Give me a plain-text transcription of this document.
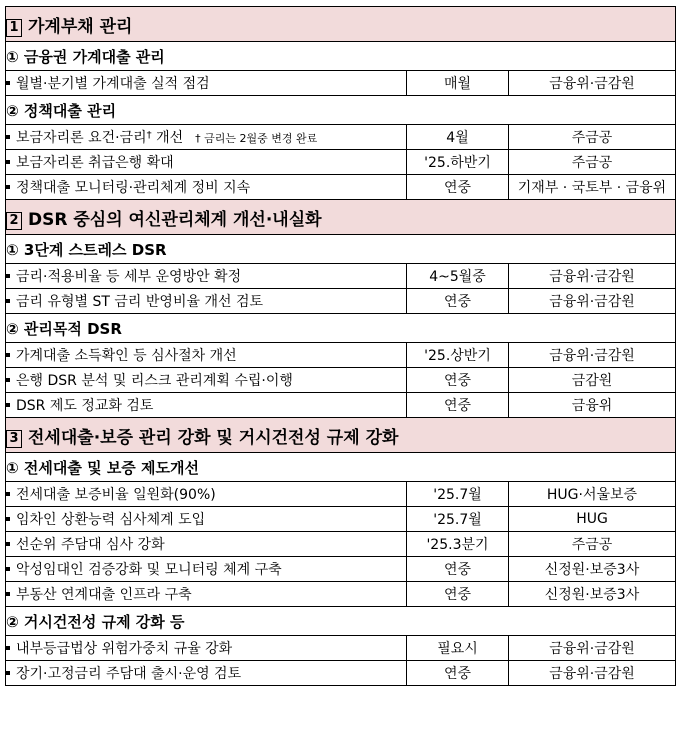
1 가계부채 관리		
① 금융권 가계대출 관리		
월별·분기별 가계대출 실적 점검	매월	금융위·금감원
② 정책대출 관리		
보금자리론 요건·금리† 개선 † 금리는 2월중 변경 완료	4월	주금공
보금자리론 취급은행 확대	'25.하반기	주금공
정책대출 모니터링·관리체계 정비 지속	연중	기재부 · 국토부 · 금융위
2 DSR 중심의 여신관리체계 개선·내실화		
① 3단계 스트레스 DSR		
금리·적용비율 등 세부 운영방안 확정	4~5월중	금융위·금감원
금리 유형별 ST 금리 반영비율 개선 검토	연중	금융위·금감원
② 관리목적 DSR		
가계대출 소득확인 등 심사절차 개선	'25.상반기	금융위·금감원
은행 DSR 분석 및 리스크 관리계획 수립·이행	연중	금감원
DSR 제도 정교화 검토	연중	금융위
3 전세대출·보증 관리 강화 및 거시건전성 규제 강화		
① 전세대출 및 보증 제도개선		
전세대출 보증비율 일원화(90%)	'25.7월	HUG·서울보증
임차인 상환능력 심사체계 도입	'25.7월	HUG
선순위 주담대 심사 강화	'25.3분기	주금공
악성임대인 검증강화 및 모니터링 체계 구축	연중	신정원·보증3사
부동산 연계대출 인프라 구축	연중	신정원·보증3사
② 거시건전성 규제 강화 등		
내부등급법상 위험가중치 규율 강화	필요시	금융위·금감원
장기·고정금리 주담대 출시·운영 검토	연중	금융위·금감원
